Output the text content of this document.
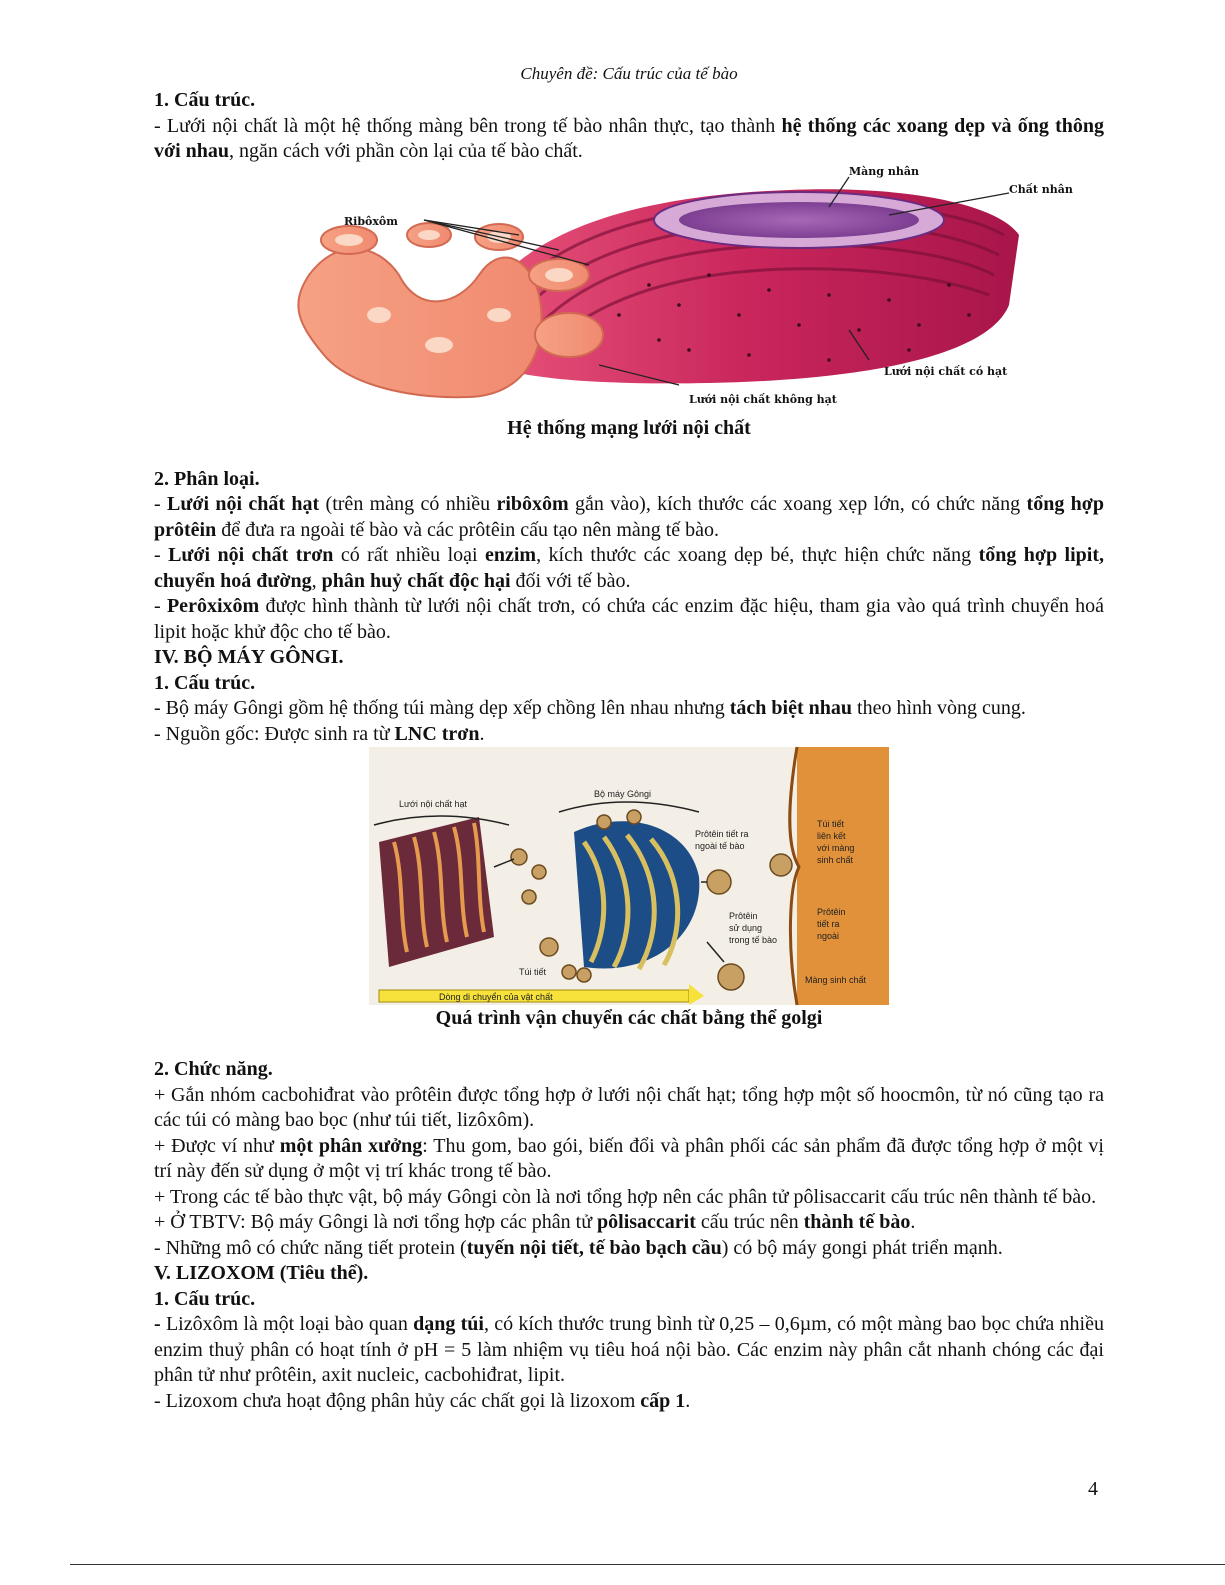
Chuyên đề: Cấu trúc của tế bào

1. Cấu trúc.

- Lưới nội chất là một hệ thống màng bên trong tế bào nhân thực, tạo thành hệ thống các xoang dẹp và ống thông với nhau, ngăn cách với phần còn lại của tế bào chất.

Màng nhân
Chất nhân
Ribôxôm
Lưới nội chất có hạt
Lưới nội chất không hạt

Hệ thống mạng lưới nội chất

2. Phân loại.

- Lưới nội chất hạt (trên màng có nhiều ribôxôm gắn vào), kích thước các xoang xẹp lớn, có chức năng tổng hợp prôtêin để đưa ra ngoài tế bào và các prôtêin cấu tạo nên màng tế bào.

- Lưới nội chất trơn có rất nhiều loại enzim, kích thước các xoang dẹp bé, thực hiện chức năng tổng hợp lipit, chuyển hoá đường, phân huỷ chất độc hại đối với tế bào.

- Perôxixôm được hình thành từ lưới nội chất trơn, có chứa các enzim đặc hiệu, tham gia vào quá trình chuyển hoá lipit hoặc khử độc cho tế bào.

IV. BỘ MÁY GÔNGI.

1. Cấu trúc.

- Bộ máy Gôngi gồm hệ thống túi màng dẹp xếp chồng lên nhau nhưng tách biệt nhau theo hình vòng cung.

- Nguồn gốc: Được sinh ra từ LNC trơn.

Lưới nội chất hạt
Bộ máy Gôngi
Prôtêin tiết ra
ngoài tế bào
Túi tiết
liên kết
với màng
sinh chất
Prôtêin
sử dụng
trong tế bào
Prôtêin
tiết ra
ngoài
Túi tiết
Màng sinh chất
Dòng di chuyển của vật chất

Quá trình vận chuyển các chất bằng thể golgi

2. Chức năng.

+ Gắn nhóm cacbohiđrat vào prôtêin được tổng hợp ở lưới nội chất hạt; tổng hợp một số hoocmôn, từ nó cũng tạo ra các túi có màng bao bọc (như túi tiết, lizôxôm).

+ Được ví như một phân xưởng: Thu gom, bao gói, biến đổi và phân phối các sản phẩm đã được tổng hợp ở một vị trí này đến sử dụng ở một vị trí khác trong tế bào.

+ Trong các tế bào thực vật, bộ máy Gôngi còn là nơi tổng hợp nên các phân tử pôlisaccarit cấu trúc nên thành tế bào.

+ Ở TBTV: Bộ máy Gôngi là nơi tổng hợp các phân tử pôlisaccarit cấu trúc nên thành tế bào.

- Những mô có chức năng tiết protein (tuyến nội tiết, tế bào bạch cầu) có bộ máy gongi phát triển mạnh.

V. LIZOXOM (Tiêu thể).

1. Cấu trúc.

- Lizôxôm là một loại bào quan dạng túi, có kích thước trung bình từ 0,25 – 0,6µm, có một màng bao bọc chứa nhiều enzim thuỷ phân có hoạt tính ở pH = 5 làm nhiệm vụ tiêu hoá nội bào. Các enzim này phân cắt nhanh chóng các đại phân tử như prôtêin, axit nucleic, cacbohiđrat, lipit.

- Lizoxom chưa hoạt động phân hủy các chất gọi là lizoxom cấp 1.

4
